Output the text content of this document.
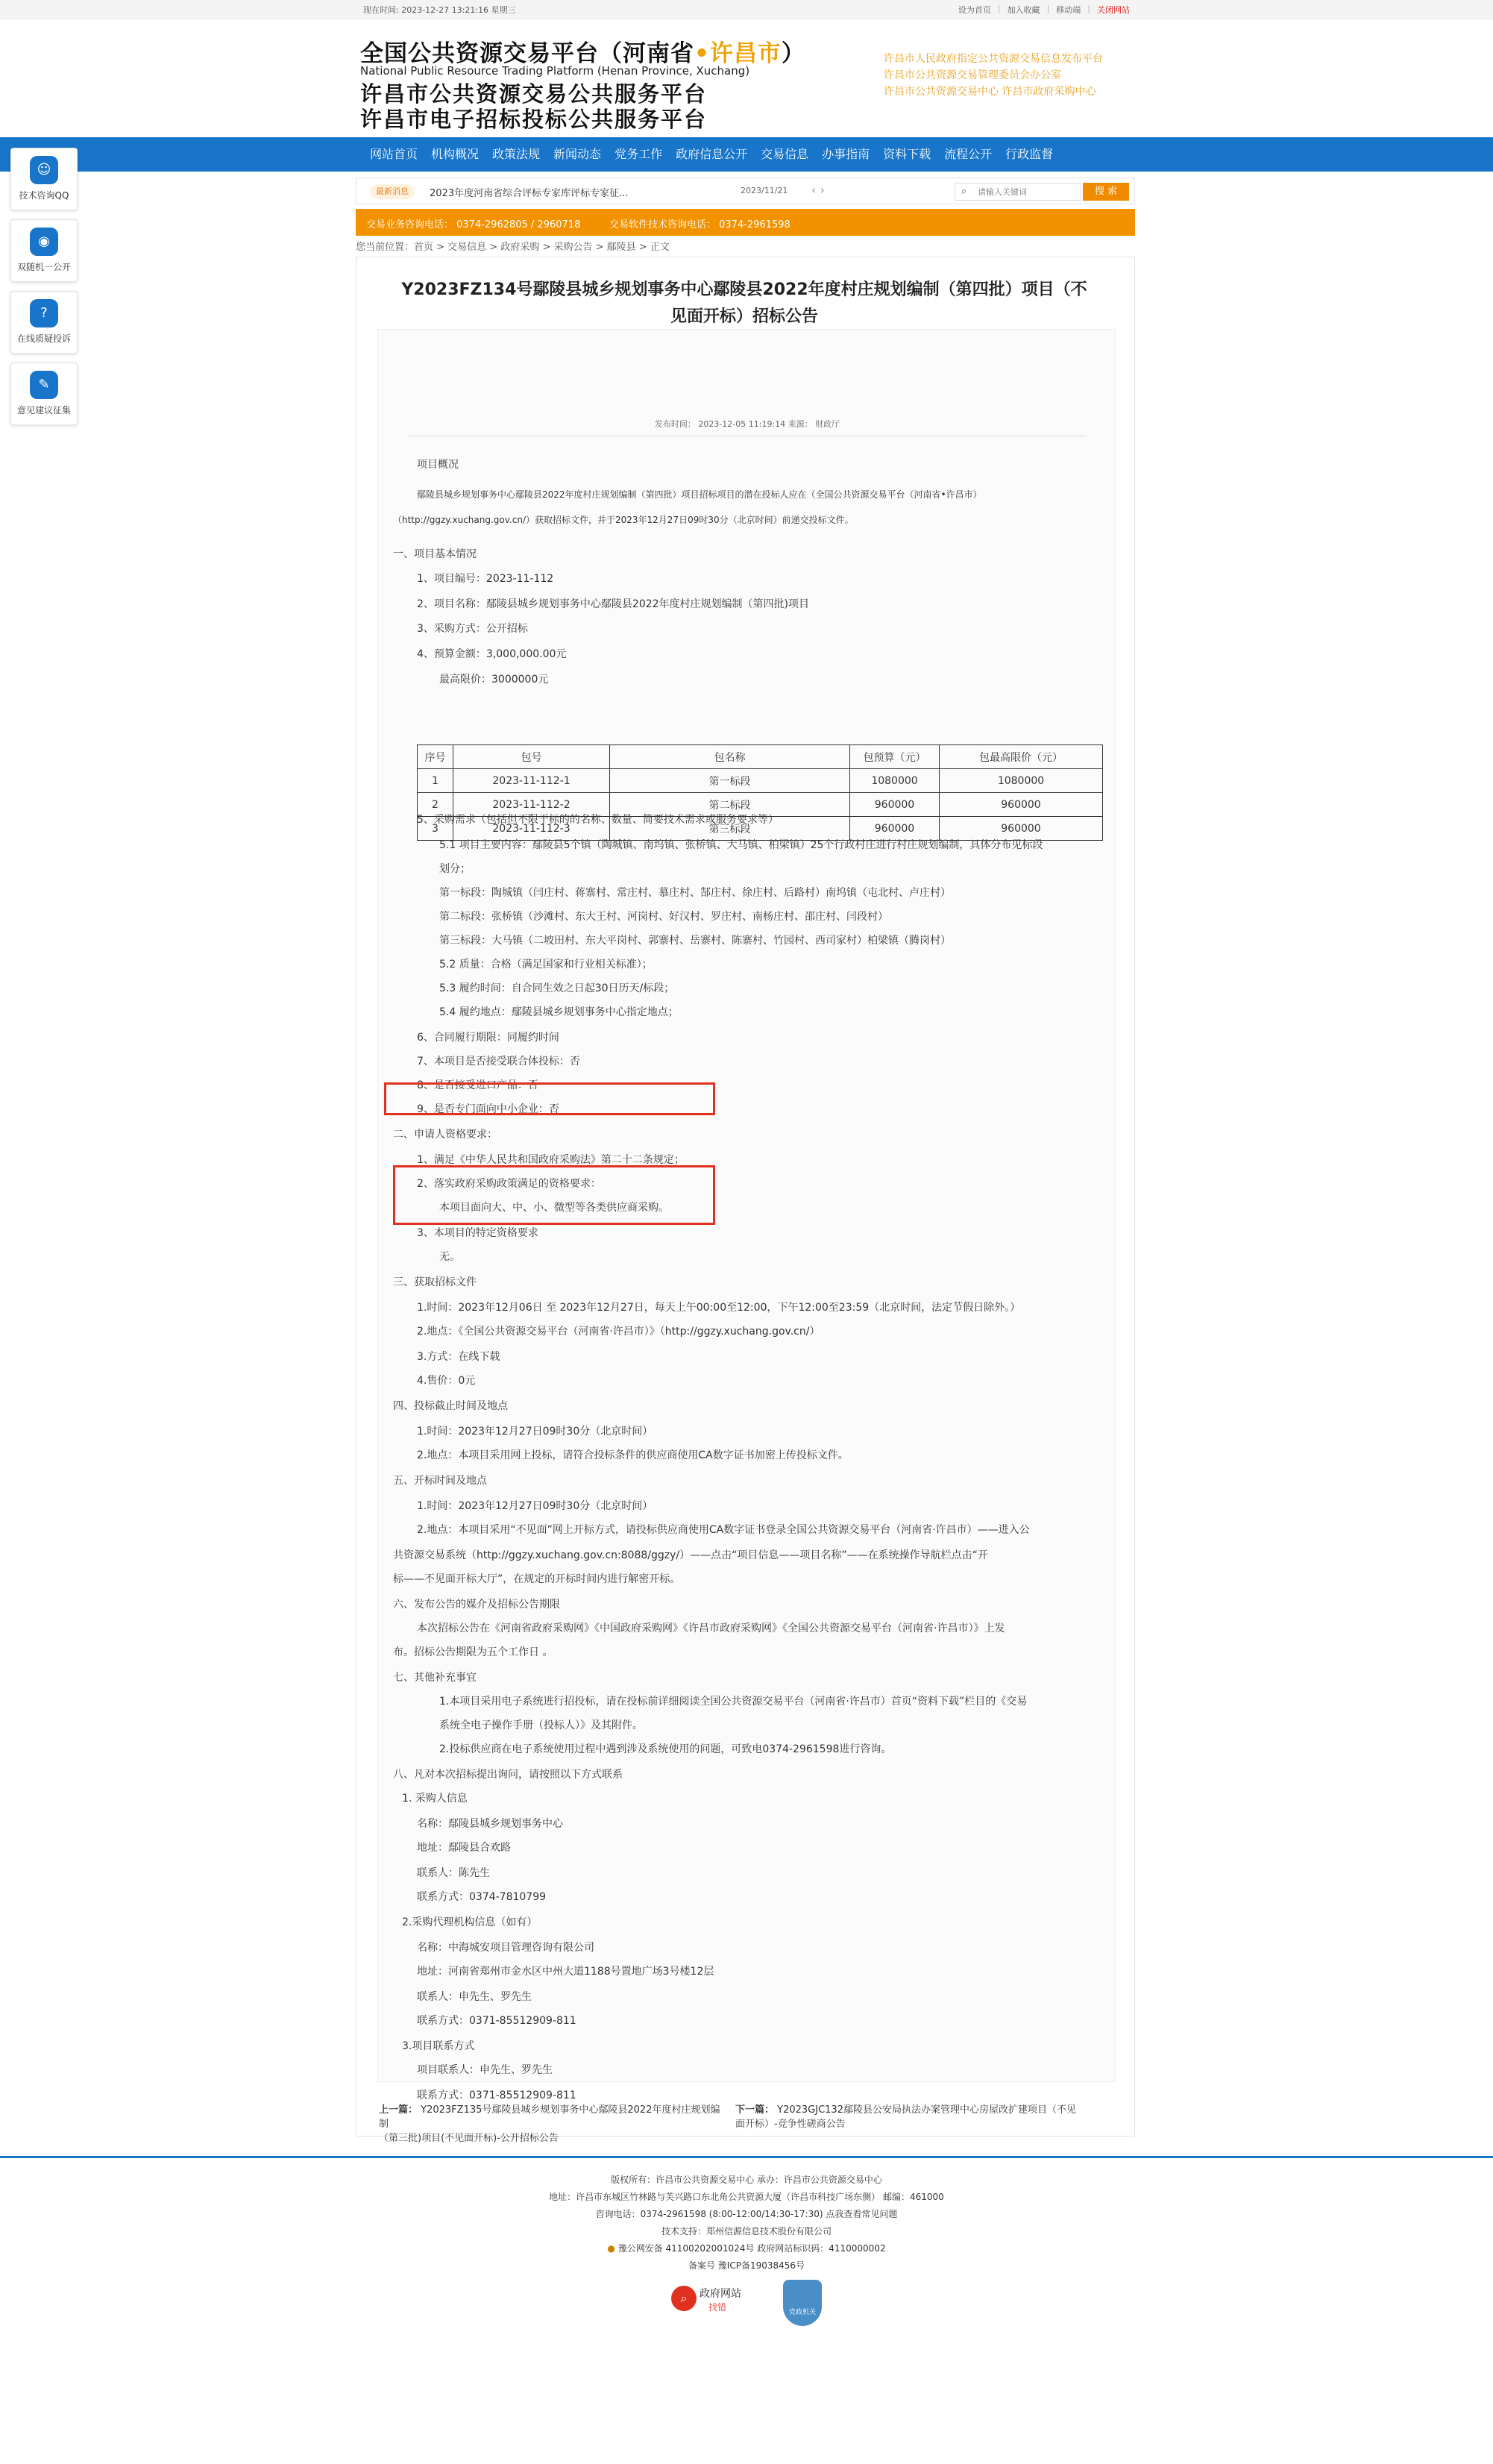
现在时间: 2023-12-27 13:21:16 星期三	设为首页 | 加入收藏 | 移动端 | 关闭网站
全国公共资源交易平台（河南省•许昌市）
National Public Resource Trading Platform (Henan Province, Xuchang)
许昌市公共资源交易公共服务平台
许昌市电子招标投标公共服务平台
许昌市人民政府指定公共资源交易信息发布平台
许昌市公共资源交易管理委员会办公室
许昌市公共资源交易中心 许昌市政府采购中心
网站首页	机构概况	政策法规	新闻动态	党务工作	政府信息公开	交易信息	办事指南	资料下载	流程公开	行政监督
最新消息	2023年度河南省综合评标专家库评标专家征...	2023/11/21 ‹ ›	⌕
请输入关键词	搜 索
交易业务咨询电话： 0374-2962805 / 2960718	交易软件技术咨询电话： 0374-2961598
您当前位置：首页 > 交易信息 > 政府采购 > 采购公告 > 鄢陵县 > 正文
☺
技术咨询QQ
◉
双随机一公开
?
在线质疑投诉
✎
意见建议征集
Y2023FZ134号鄢陵县城乡规划事务中心鄢陵县2022年度村庄规划编制（第四批）项目（不
见面开标）招标公告
发布时间： 2023-12-05 11:19:14 来源： 财政厅

项目概况

鄢陵县城乡规划事务中心鄢陵县2022年度村庄规划编制（第四批）项目招标项目的潜在投标人应在（全国公共资源交易平台（河南省•许昌市）

（http://ggzy.xuchang.gov.cn/）获取招标文件，并于2023年12月27日09时30分（北京时间）前递交投标文件。

一、项目基本情况

1、项目编号：2023-11-112

2、项目名称：鄢陵县城乡规划事务中心鄢陵县2022年度村庄规划编制（第四批)项目

3、采购方式：公开招标

4、预算金额：3,000,000.00元

最高限价：3000000元

5、采购需求（包括但不限于标的的名称、数量、简要技术需求或服务要求等）

5.1 项目主要内容：鄢陵县5个镇（陶城镇、南坞镇、张桥镇、大马镇、柏梁镇）25个行政村庄进行村庄规划编制，具体分布见标段

划分；

第一标段：陶城镇（闫庄村、蒋寨村、常庄村、慕庄村、郜庄村、徐庄村、后路村）南坞镇（屯北村、卢庄村）

第二标段：张桥镇（沙滩村、东大王村、河岗村、好汉村、罗庄村、南杨庄村、邵庄村、闫段村）

第三标段：大马镇（二坡田村、东大平岗村、郭寨村、岳寨村、陈寨村、竹园村、西司家村）柏梁镇（腾岗村）

5.2 质量：合格（满足国家和行业相关标准）；

5.3 履约时间：自合同生效之日起30日历天/标段；

5.4 履约地点：鄢陵县城乡规划事务中心指定地点；

6、合同履行期限：同履约时间

7、本项目是否接受联合体投标：否

8、是否接受进口产品：否

9、是否专门面向中小企业：否

二、申请人资格要求：

1、满足《中华人民共和国政府采购法》第二十二条规定；

2、落实政府采购政策满足的资格要求：

本项目面向大、中、小、微型等各类供应商采购。

3、本项目的特定资格要求

无。

三、获取招标文件

1.时间：2023年12月06日 至 2023年12月27日，每天上午00:00至12:00，下午12:00至23:59（北京时间，法定节假日除外。）

2.地点：《全国公共资源交易平台（河南省·许昌市）》（http://ggzy.xuchang.gov.cn/）

3.方式：在线下载

4.售价：0元

四、投标截止时间及地点

1.时间：2023年12月27日09时30分（北京时间）

2.地点：本项目采用网上投标，请符合投标条件的供应商使用CA数字证书加密上传投标文件。

五、开标时间及地点

1.时间：2023年12月27日09时30分（北京时间）

2.地点：本项目采用“不见面”网上开标方式，请投标供应商使用CA数字证书登录全国公共资源交易平台（河南省·许昌市）——进入公

共资源交易系统（http://ggzy.xuchang.gov.cn:8088/ggzy/）——点击“项目信息——项目名称”——在系统操作导航栏点击“开

标——不见面开标大厅”，在规定的开标时间内进行解密开标。

六、发布公告的媒介及招标公告期限

本次招标公告在《河南省政府采购网》《中国政府采购网》《许昌市政府采购网》《全国公共资源交易平台（河南省·许昌市）》上发

布。招标公告期限为五个工作日 。

七、其他补充事宜

1.本项目采用电子系统进行招投标，请在投标前详细阅读全国公共资源交易平台（河南省·许昌市）首页“资料下载”栏目的《交易

系统全电子操作手册（投标人）》及其附件。

2.投标供应商在电子系统使用过程中遇到涉及系统使用的问题，可致电0374-2961598进行咨询。

八、凡对本次招标提出询问，请按照以下方式联系

1. 采购人信息

名称：鄢陵县城乡规划事务中心

地址：鄢陵县合欢路

联系人：陈先生

联系方式：0374-7810799

2.采购代理机构信息（如有）

名称：中海城安项目管理咨询有限公司

地址：河南省郑州市金水区中州大道1188号置地广场3号楼12层

联系人：申先生、罗先生

联系方式：0371-85512909-811

3.项目联系方式

项目联系人：申先生、罗先生

联系方式：0371-85512909-811

序号	包号	包名称	包预算（元）	包最高限价（元）
1	2023-11-112-1	第一标段	1080000	1080000
2	2023-11-112-2	第二标段	960000	960000
3	2023-11-112-3	第三标段	960000	960000
上一篇： Y2023FZ135号鄢陵县城乡规划事务中心鄢陵县2022年度村庄规划编制
（第三批)项目(不见面开标)-公开招标公告
下一篇： Y2023GJC132鄢陵县公安局执法办案管理中心房屋改扩建项目（不见
面开标）-竞争性磋商公告
版权所有：许昌市公共资源交易中心 承办：许昌市公共资源交易中心
地址：许昌市东城区竹林路与芙兴路口东北角公共资源大厦（许昌市科技广场东侧） 邮编：461000
咨询电话：0374-2961598 (8:00-12:00/14:30-17:30) 点我查看常见问题
技术支持：郑州信源信息技术股份有限公司
● 豫公网安备 41100202001024号 政府网站标识码：4110000002
备案号 豫ICP备19038456号
⌕	政府网站
找错	党政机关
